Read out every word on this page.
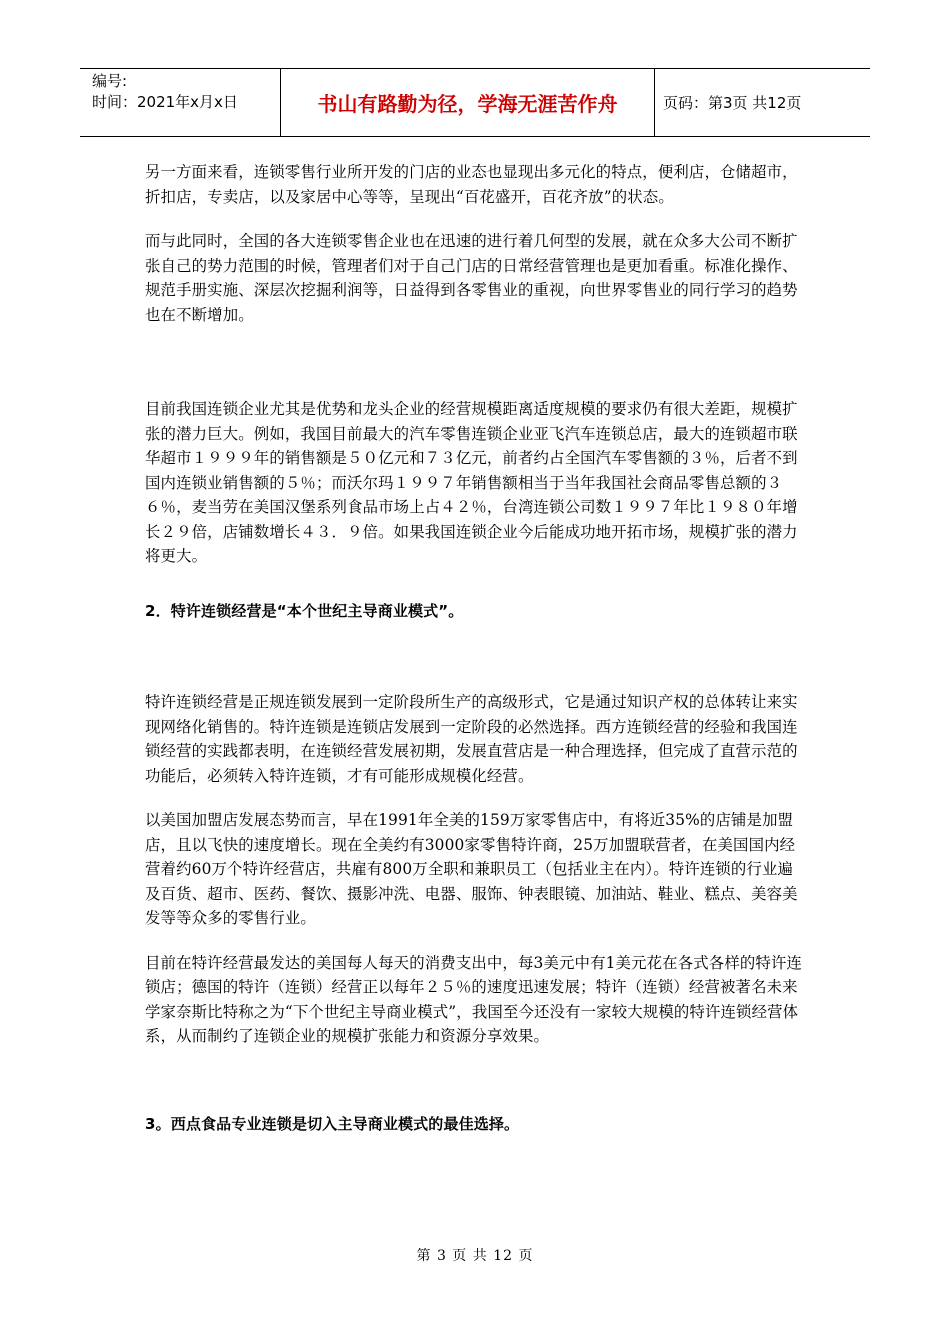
编号:
时间：2021年x月x日	书山有路勤为径，学海无涯苦作舟	页码：第3页 共12页

另一方面来看，连锁零售行业所开发的门店的业态也显现出多元化的特点，便利店，仓储超市，折扣店，专卖店，以及家居中心等等，呈现出“百花盛开，百花齐放”的状态。

而与此同时，全国的各大连锁零售企业也在迅速的进行着几何型的发展，就在众多大公司不断扩张自己的势力范围的时候，管理者们对于自己门店的日常经营管理也是更加看重。标准化操作、规范手册实施、深层次挖掘利润等，日益得到各零售业的重视，向世界零售业的同行学习的趋势也在不断增加。

目前我国连锁企业尤其是优势和龙头企业的经营规模距离适度规模的要求仍有很大差距，规模扩张的潜力巨大。例如，我国目前最大的汽车零售连锁企业亚飞汽车连锁总店，最大的连锁超市联华超市１９９９年的销售额是５０亿元和７３亿元，前者约占全国汽车零售额的３％，后者不到国内连锁业销售额的５％；而沃尔玛１９９７年销售额相当于当年我国社会商品零售总额的３６％，麦当劳在美国汉堡系列食品市场上占４２％，台湾连锁公司数１９９７年比１９８０年增长２９倍，店铺数增长４３．９倍。如果我国连锁企业今后能成功地开拓市场，规模扩张的潜力将更大。

2．特许连锁经营是“本个世纪主导商业模式”。

特许连锁经营是正规连锁发展到一定阶段所生产的高级形式，它是通过知识产权的总体转让来实现网络化销售的。特许连锁是连锁店发展到一定阶段的必然选择。西方连锁经营的经验和我国连锁经营的实践都表明，在连锁经营发展初期，发展直营店是一种合理选择，但完成了直营示范的功能后，必须转入特许连锁，才有可能形成规模化经营。

以美国加盟店发展态势而言，早在1991年全美的159万家零售店中，有将近35%的店铺是加盟店，且以飞快的速度增长。现在全美约有3000家零售特许商，25万加盟联营者，在美国国内经营着约60万个特许经营店，共雇有800万全职和兼职员工（包括业主在内）。特许连锁的行业遍及百货、超市、医药、餐饮、摄影冲洗、电器、服饰、钟表眼镜、加油站、鞋业、糕点、美容美发等等众多的零售行业。

目前在特许经营最发达的美国每人每天的消费支出中，每3美元中有1美元花在各式各样的特许连锁店；德国的特许（连锁）经营正以每年２５％的速度迅速发展；特许（连锁）经营被著名未来学家奈斯比特称之为“下个世纪主导商业模式”，我国至今还没有一家较大规模的特许连锁经营体系，从而制约了连锁企业的规模扩张能力和资源分享效果。

3。西点食品专业连锁是切入主导商业模式的最佳选择。

第 3 页 共 12 页
